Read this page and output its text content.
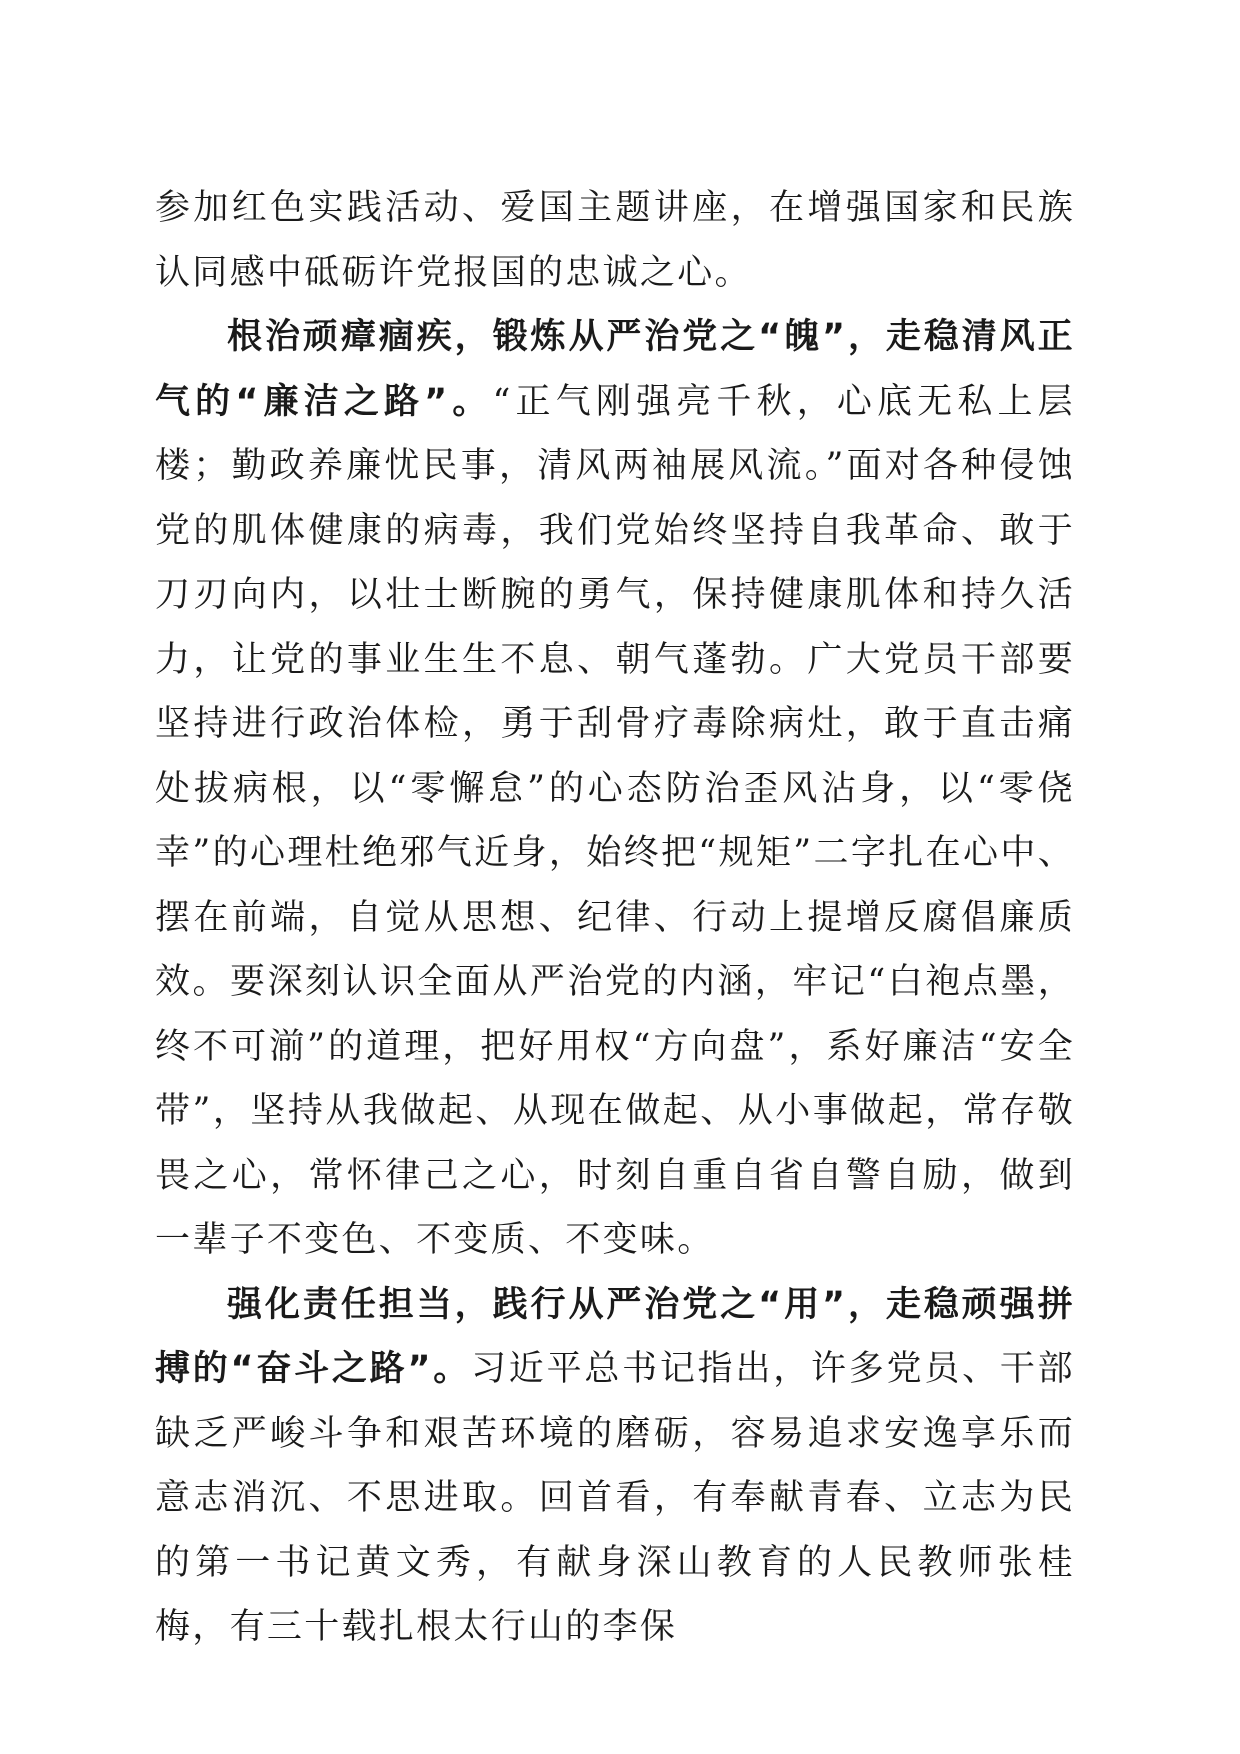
参加红色实践活动、爱国主题讲座，在增强国家和民族认同感中砥砺许党报国的忠诚之心。

根治顽瘴痼疾，锻炼从严治党之“魄”，走稳清风正气的“廉洁之路”。“正气刚强亮千秋，心底无私上层楼；勤政养廉忧民事，清风两袖展风流。”面对各种侵蚀党的肌体健康的病毒，我们党始终坚持自我革命、敢于刀刃向内，以壮士断腕的勇气，保持健康肌体和持久活力，让党的事业生生不息、朝气蓬勃。广大党员干部要坚持进行政治体检，勇于刮骨疗毒除病灶，敢于直击痛处拔病根，以“零懈怠”的心态防治歪风沾身，以“零侥幸”的心理杜绝邪气近身，始终把“规矩”二字扎在心中、摆在前端，自觉从思想、纪律、行动上提增反腐倡廉质效。要深刻认识全面从严治党的内涵，牢记“白袍点墨，终不可湔”的道理，把好用权“方向盘”，系好廉洁“安全带”，坚持从我做起、从现在做起、从小事做起，常存敬畏之心，常怀律己之心，时刻自重自省自警自励，做到一辈子不变色、不变质、不变味。

强化责任担当，践行从严治党之“用”，走稳顽强拼搏的“奋斗之路”。习近平总书记指出，许多党员、干部缺乏严峻斗争和艰苦环境的磨砺，容易追求安逸享乐而意志消沉、不思进取。回首看，有奉献青春、立志为民的第一书记黄文秀，有献身深山教育的人民教师张桂梅，有三十载扎根太行山的李保
